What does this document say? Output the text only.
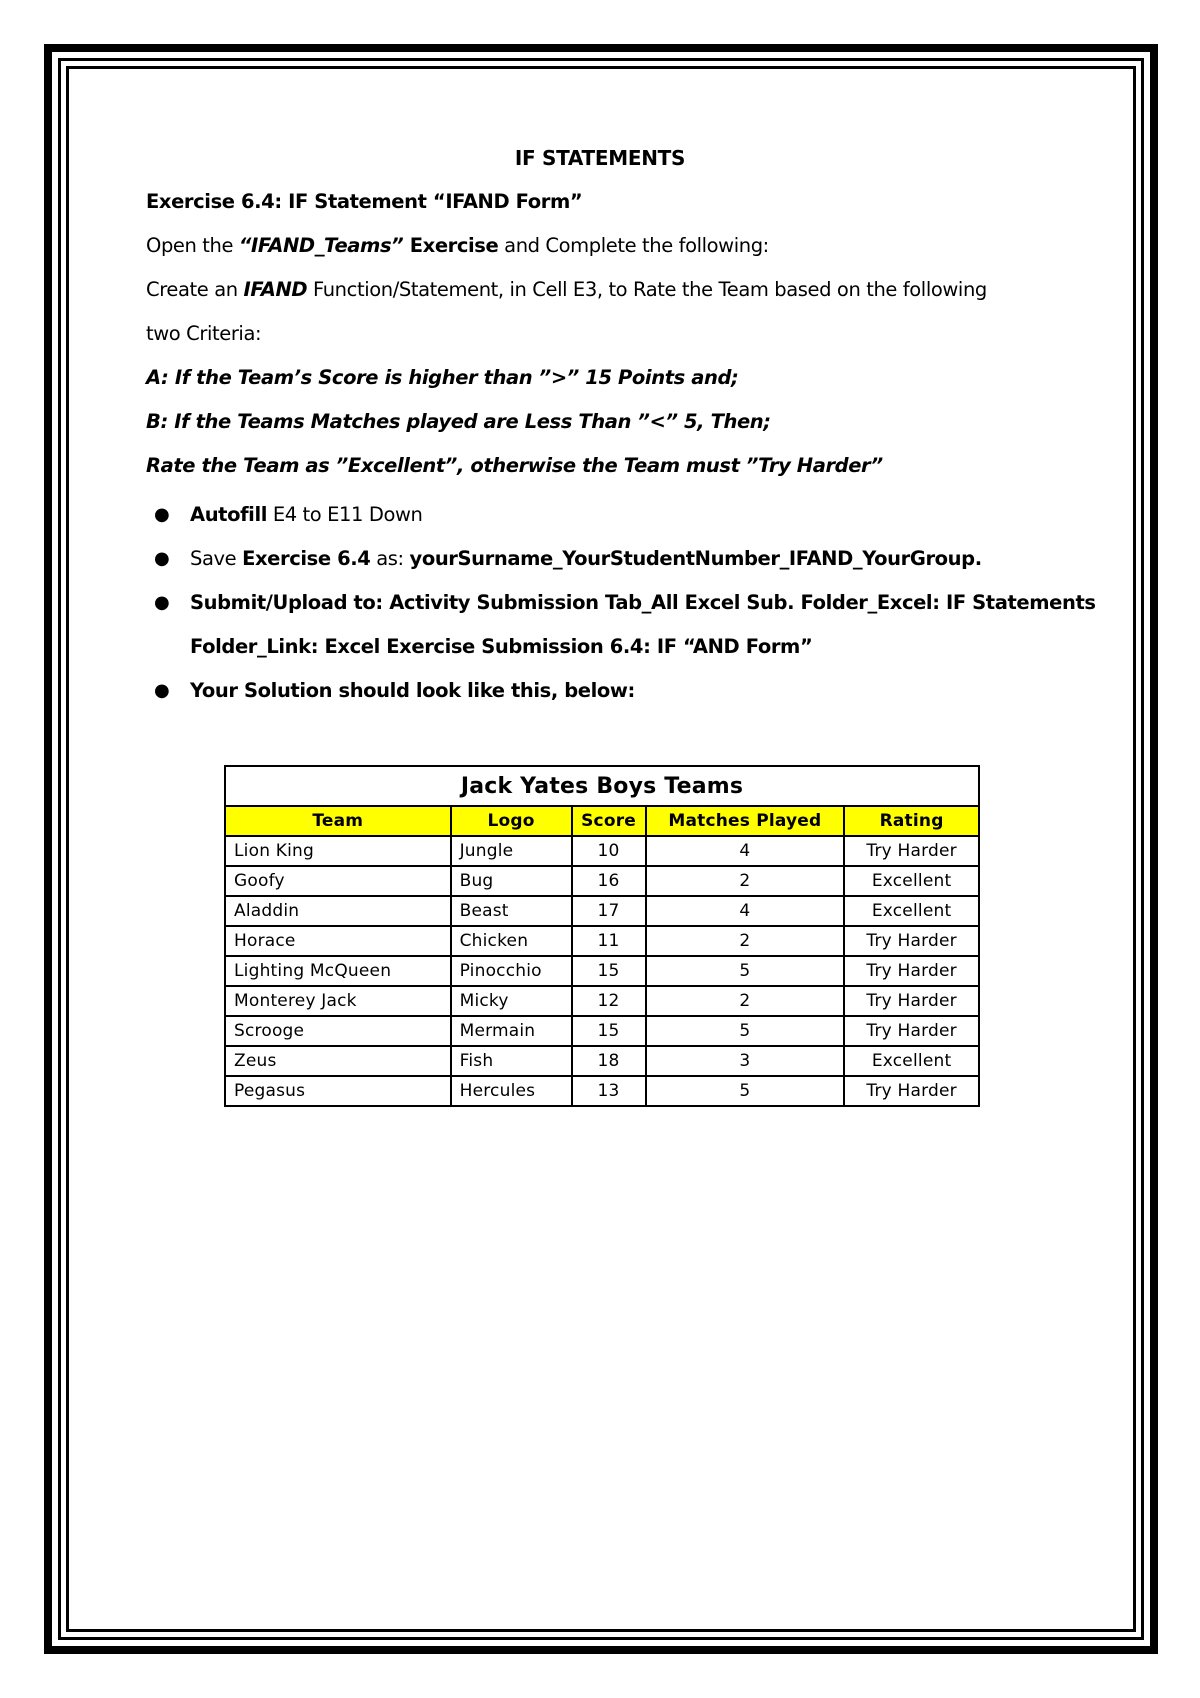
IF STATEMENTS
Exercise 6.4: IF Statement “IFAND Form”
Open the “IFAND_Teams” Exercise and Complete the following:
Create an IFAND Function/Statement, in Cell E3, to Rate the Team based on the following
two Criteria:
A: If the Team’s Score is higher than ”>” 15 Points and;
B: If the Teams Matches played are Less Than ”<” 5, Then;
Rate the Team as ”Excellent”, otherwise the Team must ”Try Harder”
● Autofill E4 to E11 Down
● Save Exercise 6.4 as: yourSurname_YourStudentNumber_IFAND_YourGroup.
● Submit/Upload to: Activity Submission Tab_All Excel Sub. Folder_Excel: IF Statements
Folder_Link: Excel Exercise Submission 6.4: IF “AND Form”
● Your Solution should look like this, below:
Jack Yates Boys Teams				
Team	Logo	Score	Matches Played	Rating
Lion King	Jungle	10	4	Try Harder
Goofy	Bug	16	2	Excellent
Aladdin	Beast	17	4	Excellent
Horace	Chicken	11	2	Try Harder
Lighting McQueen	Pinocchio	15	5	Try Harder
Monterey Jack	Micky	12	2	Try Harder
Scrooge	Mermain	15	5	Try Harder
Zeus	Fish	18	3	Excellent
Pegasus	Hercules	13	5	Try Harder
